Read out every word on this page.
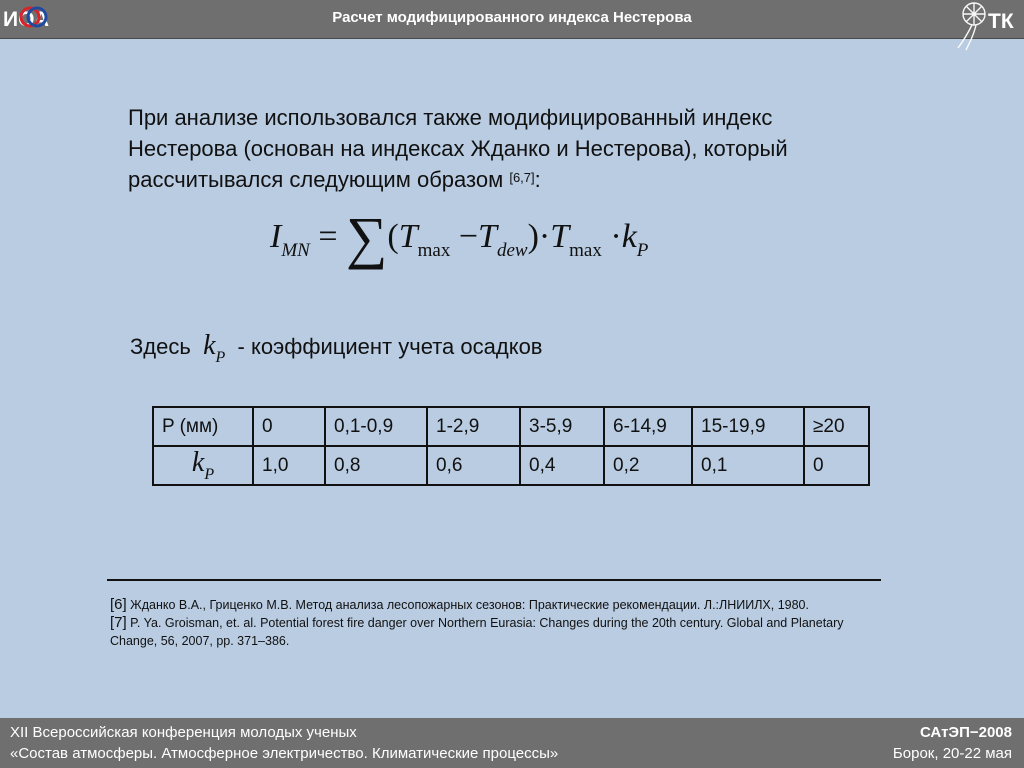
ИОА	Расчет модифицированного индекса Нестерова	ТК
При анализе использовался также модифицированный индекс
Нестерова (основан на индексах Жданко и Нестерова), который
рассчитывался следующим образом [6,7]:
$I_{MN} = \sum(T_{max} -T_{dew})\cdot T_{max} \cdot k_P$
Здесь $k_P$ - коэффициент учета осадков
P (мм)	0	0,1-0,9	1-2,9	3-5,9	6-14,9	15-19,9	≥20
$k_P$	1,0	0,8	0,6	0,4	0,2	0,1	0
[6] Жданко В.А., Гриценко М.В. Метод анализа лесопожарных сезонов: Практические рекомендации. Л.:ЛНИИЛХ, 1980.
[7] P. Ya. Groisman, et. al. Potential forest fire danger over Northern Eurasia: Changes during the 20th century. Global and Planetary Change, 56, 2007, pp. 371–386.
XII Всероссийская конференция молодых ученых
«Состав атмосферы. Атмосферное электричество. Климатические процессы»
САтЭП−2008
Борок, 20-22 мая
